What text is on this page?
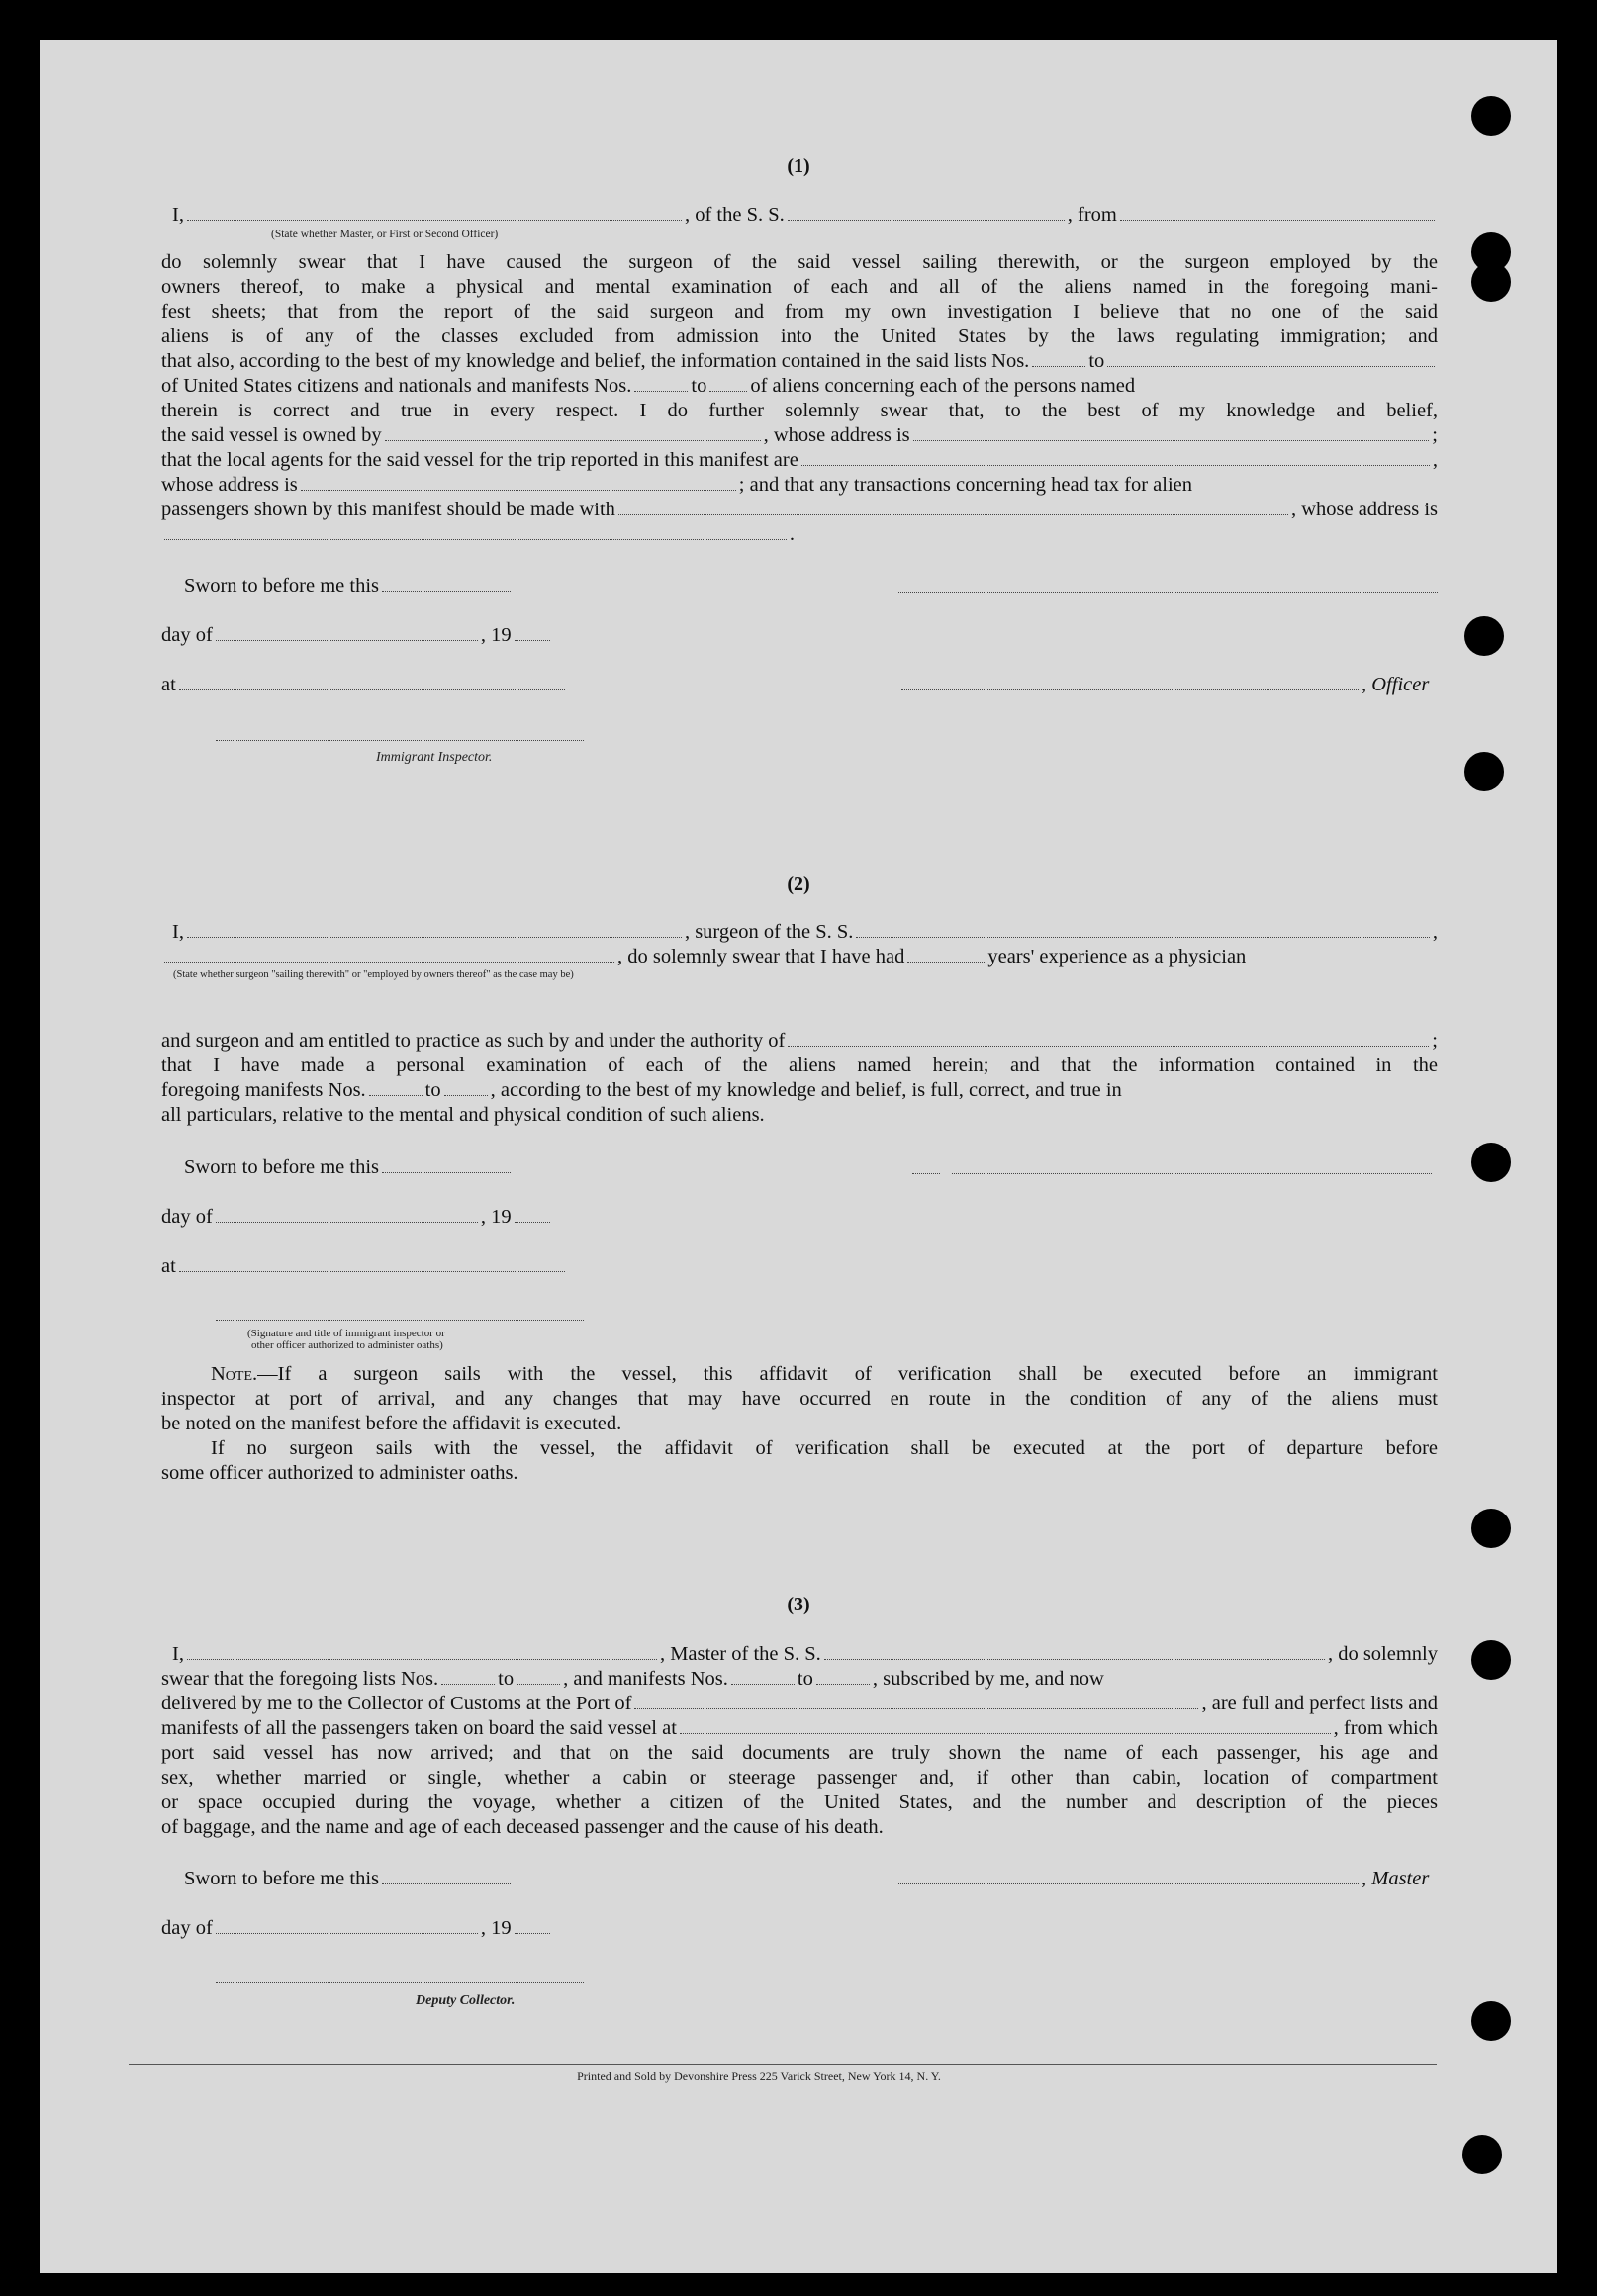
(1)
I,	, of the S. S.	, from
(State whether Master, or First or Second Officer)
do solemnly swear that I have caused the surgeon of the said vessel sailing therewith, or the surgeon employed by the
owners thereof, to make a physical and mental examination of each and all of the aliens named in the foregoing mani-
fest sheets; that from the report of the said surgeon and from my own investigation I believe that no one of the said
aliens is of any of the classes excluded from admission into the United States by the laws regulating immigration; and
that also, according to the best of my knowledge and belief, the information contained in the said lists Nos.	to
of United States citizens and nationals and manifests Nos.	to of aliens concerning each of the persons named
therein is correct and true in every respect. I do further solemnly swear that, to the best of my knowledge and belief,
the said vessel is owned by	, whose address is	;
that the local agents for the said vessel for the trip reported in this manifest are	,
whose address is	; and that any transactions concerning head tax for alien
passengers shown by this manifest should be made with	, whose address is
.
Sworn to before me this
day of	, 19
at	, Officer
Immigrant Inspector.
(2)
I,	, surgeon of the S. S.	,
, do solemnly swear that I have had	years' experience as a physician
(State whether surgeon "sailing therewith" or "employed by owners thereof" as the case may be)
and surgeon and am entitled to practice as such by and under the authority of	;
that I have made a personal examination of each of the aliens named herein; and that the information contained in the
foregoing manifests Nos.	to , according to the best of my knowledge and belief, is full, correct, and true in
all particulars, relative to the mental and physical condition of such aliens.
Sworn to before me this
day of	, 19
at
(Signature and title of immigrant inspector or
other officer authorized to administer oaths)
Note.—If a surgeon sails with the vessel, this affidavit of verification shall be executed before an immigrant
inspector at port of arrival, and any changes that may have occurred en route in the condition of any of the aliens must
be noted on the manifest before the affidavit is executed.
If no surgeon sails with the vessel, the affidavit of verification shall be executed at the port of departure before
some officer authorized to administer oaths.
(3)
I,	, Master of the S. S.	, do solemnly
swear that the foregoing lists Nos.	to , and manifests Nos.	to	, subscribed by me, and now
delivered by me to the Collector of Customs at the Port of	, are full and perfect lists and
manifests of all the passengers taken on board the said vessel at	, from which
port said vessel has now arrived; and that on the said documents are truly shown the name of each passenger, his age and
sex, whether married or single, whether a cabin or steerage passenger and, if other than cabin, location of compartment
or space occupied during the voyage, whether a citizen of the United States, and the number and description of the pieces
of baggage, and the name and age of each deceased passenger and the cause of his death.
Sworn to before me this	, Master
day of	, 19
Deputy Collector.
Printed and Sold by Devonshire Press 225 Varick Street, New York 14, N. Y.
